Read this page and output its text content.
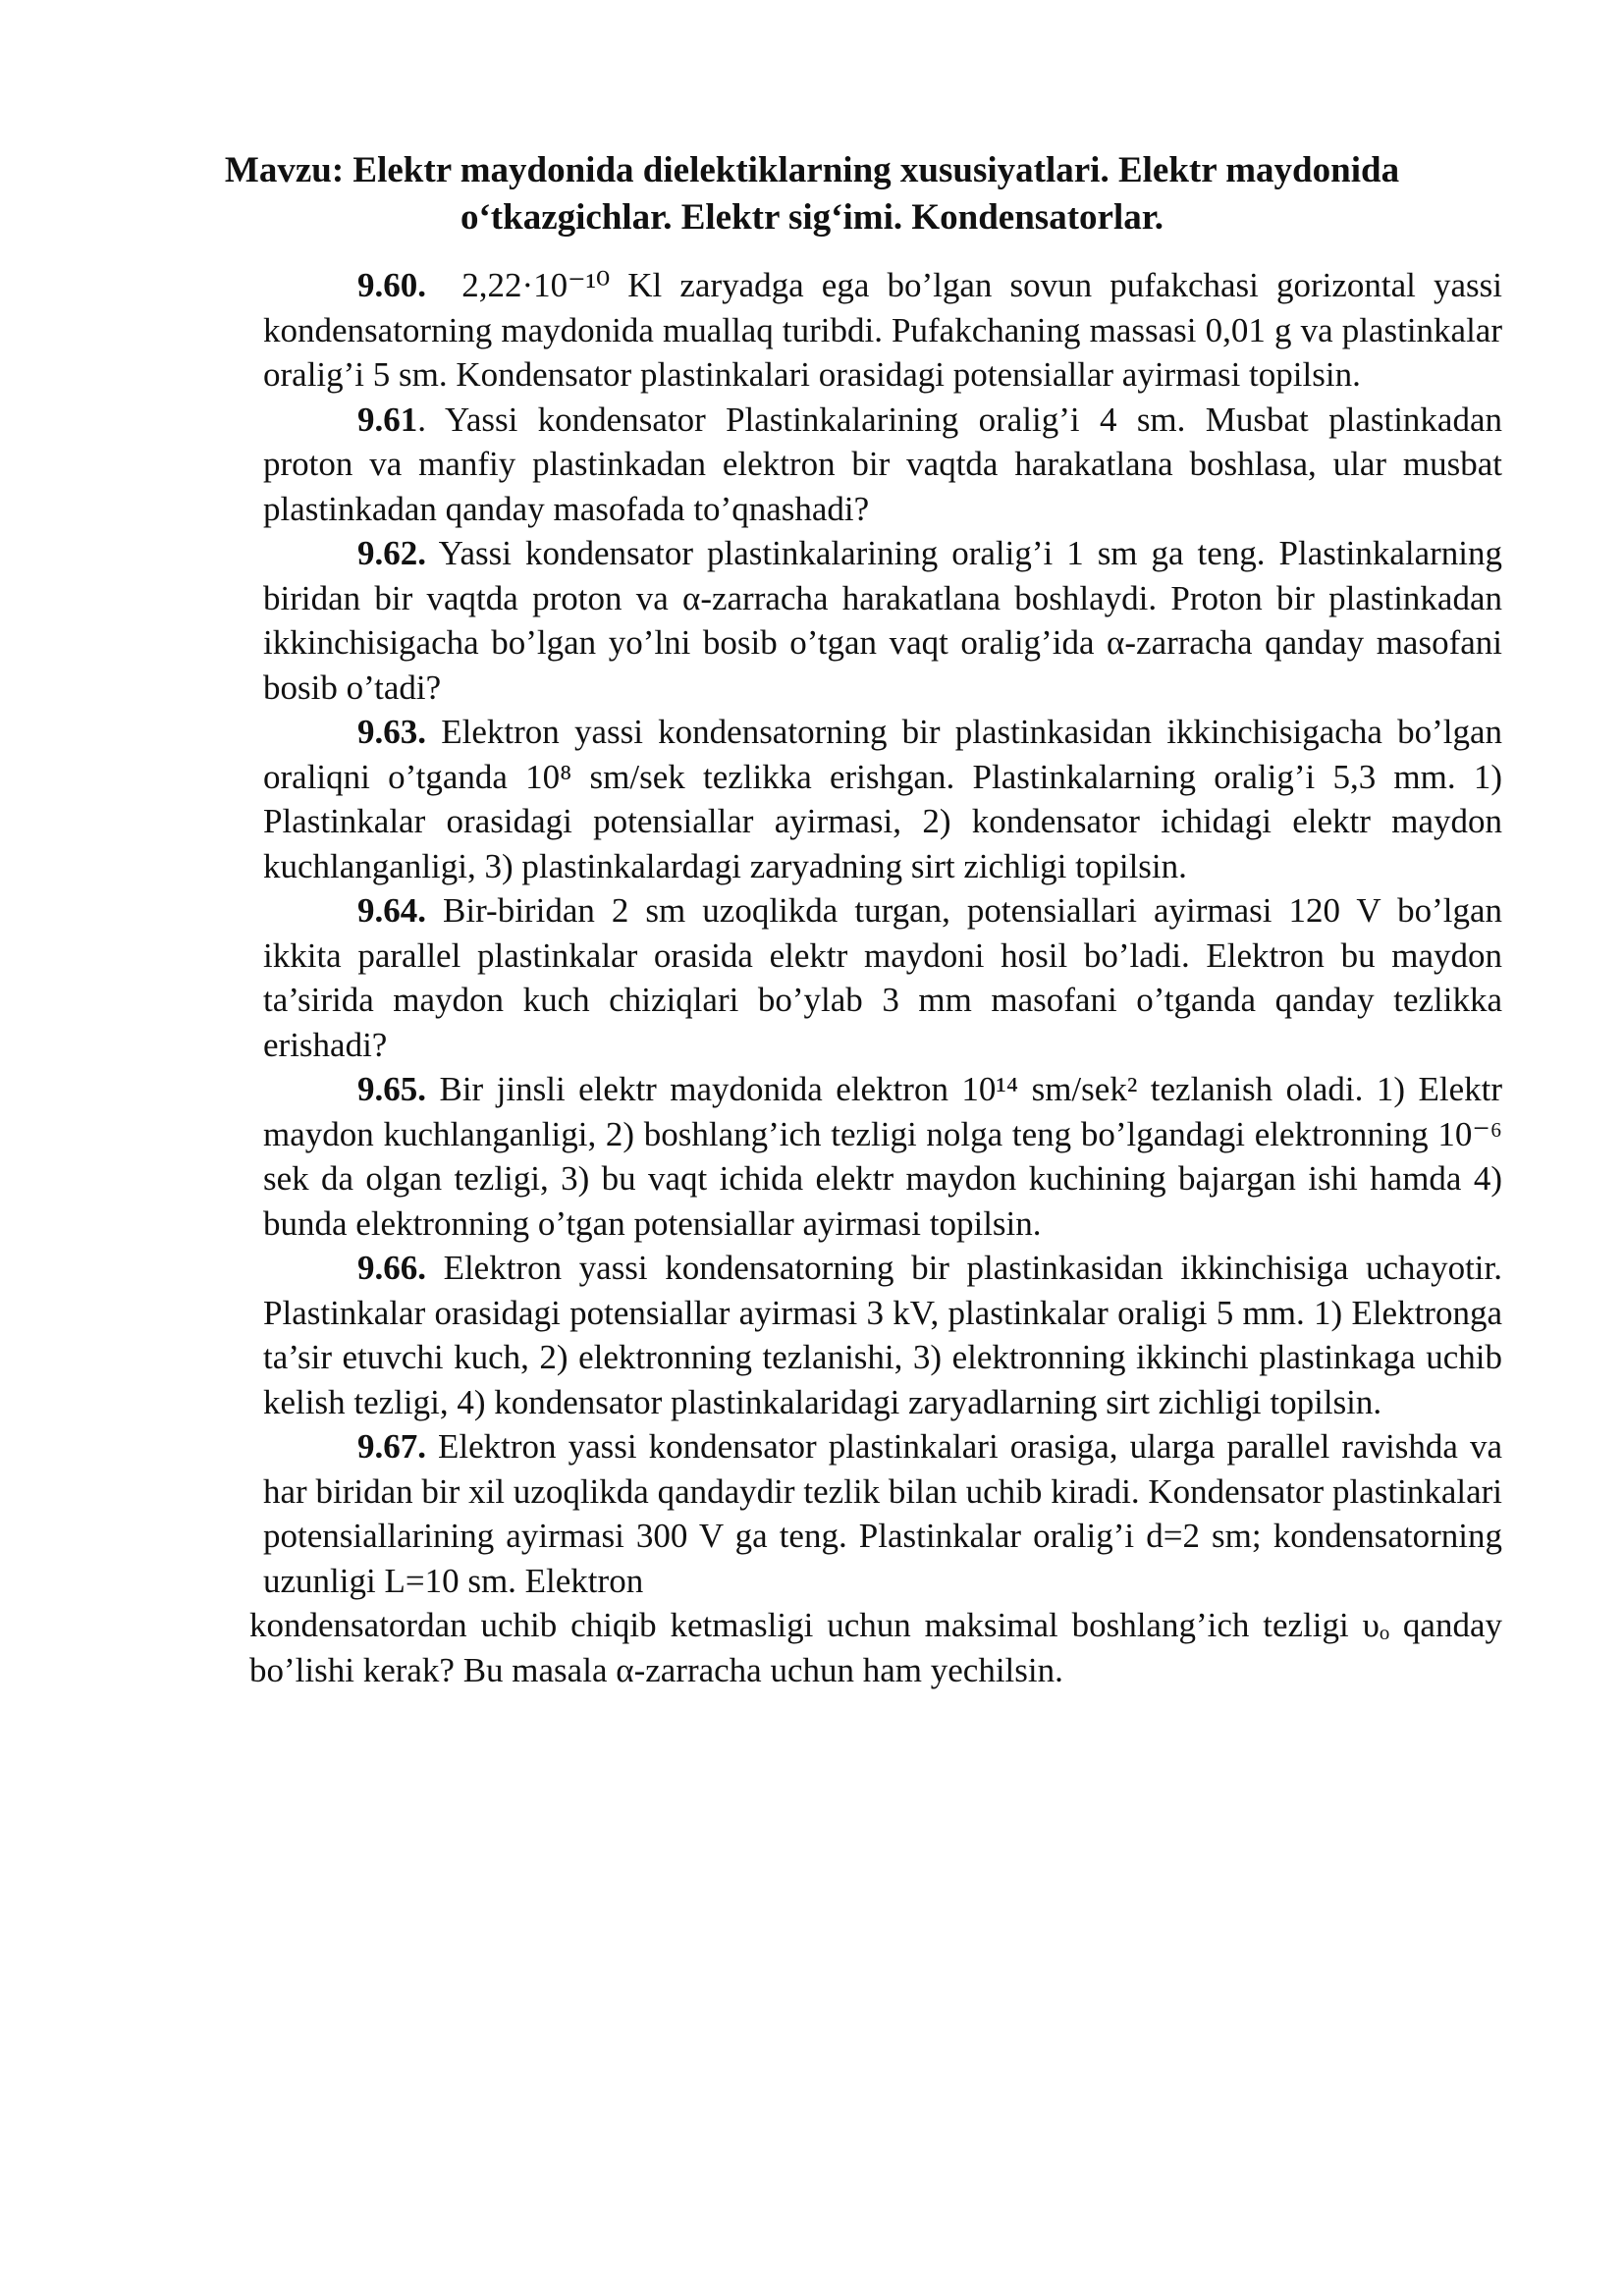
Mavzu: Elektr maydonida dielektiklarning xususiyatlari. Elektr maydonida
o‘tkazgichlar. Elektr sig‘imi. Kondensatorlar.

9.60.  2,22·10⁻¹⁰ Kl zaryadga ega bo’lgan sovun pufakchasi gorizontal yassi kondensatorning maydonida muallaq turibdi. Pufakchaning massasi 0,01 g va plastinkalar oralig’i 5 sm. Kondensator plastinkalari orasidagi potensiallar ayirmasi topilsin.

9.61. Yassi kondensator Plastinkalarining oralig’i 4 sm. Musbat plastinkadan proton va manfiy plastinkadan elektron bir vaqtda harakatlana boshlasa, ular musbat plastinkadan qanday masofada to’qnashadi?

9.62. Yassi kondensator plastinkalarining oralig’i 1 sm ga teng. Plastinkalarning biridan bir vaqtda proton va α-zarracha harakatlana boshlaydi. Proton bir plastinkadan ikkinchisigacha bo’lgan yo’lni bosib o’tgan vaqt oralig’ida α-zarracha qanday masofani bosib o’tadi?

9.63. Elektron yassi kondensatorning bir plastinkasidan ikkinchisigacha bo’lgan oraliqni o’tganda 10⁸ sm/sek tezlikka erishgan. Plastinkalarning oralig’i 5,3 mm. 1) Plastinkalar orasidagi potensiallar ayirmasi, 2) kondensator ichidagi elektr maydon kuchlanganligi, 3) plastinkalardagi zaryadning sirt zichligi topilsin.

9.64. Bir-biridan 2 sm uzoqlikda turgan, potensiallari ayirmasi 120 V bo’lgan ikkita parallel plastinkalar orasida elektr maydoni hosil bo’ladi. Elektron bu maydon ta’sirida maydon kuch chiziqlari bo’ylab 3 mm masofani o’tganda qanday tezlikka erishadi?

9.65. Bir jinsli elektr maydonida elektron 10¹⁴ sm/sek² tezlanish oladi. 1) Elektr maydon kuchlanganligi, 2) boshlang’ich tezligi nolga teng bo’lgandagi elektronning 10⁻⁶ sek da olgan tezligi, 3) bu vaqt ichida elektr maydon kuchining bajargan ishi hamda 4) bunda elektronning o’tgan potensiallar ayirmasi topilsin.

9.66. Elektron yassi kondensatorning bir plastinkasidan ikkinchisiga uchayotir. Plastinkalar orasidagi potensiallar ayirmasi 3 kV, plastinkalar oraligi 5 mm. 1) Elektronga ta’sir etuvchi kuch, 2) elektronning tezlanishi, 3) elektronning ikkinchi plastinkaga uchib kelish tezligi, 4) kondensator plastinkalaridagi zaryadlarning sirt zichligi topilsin.

9.67. Elektron yassi kondensator plastinkalari orasiga, ularga parallel ravishda va har biridan bir xil uzoqlikda qandaydir tezlik bilan uchib kiradi. Kondensator plastinkalari potensiallarining ayirmasi 300 V ga teng. Plastinkalar oralig’i d=2 sm; kondensatorning uzunligi L=10 sm. Elektron

kondensatordan uchib chiqib ketmasligi uchun maksimal boshlang’ich tezligi υₒ qanday bo’lishi kerak? Bu masala α-zarracha uchun ham yechilsin.
